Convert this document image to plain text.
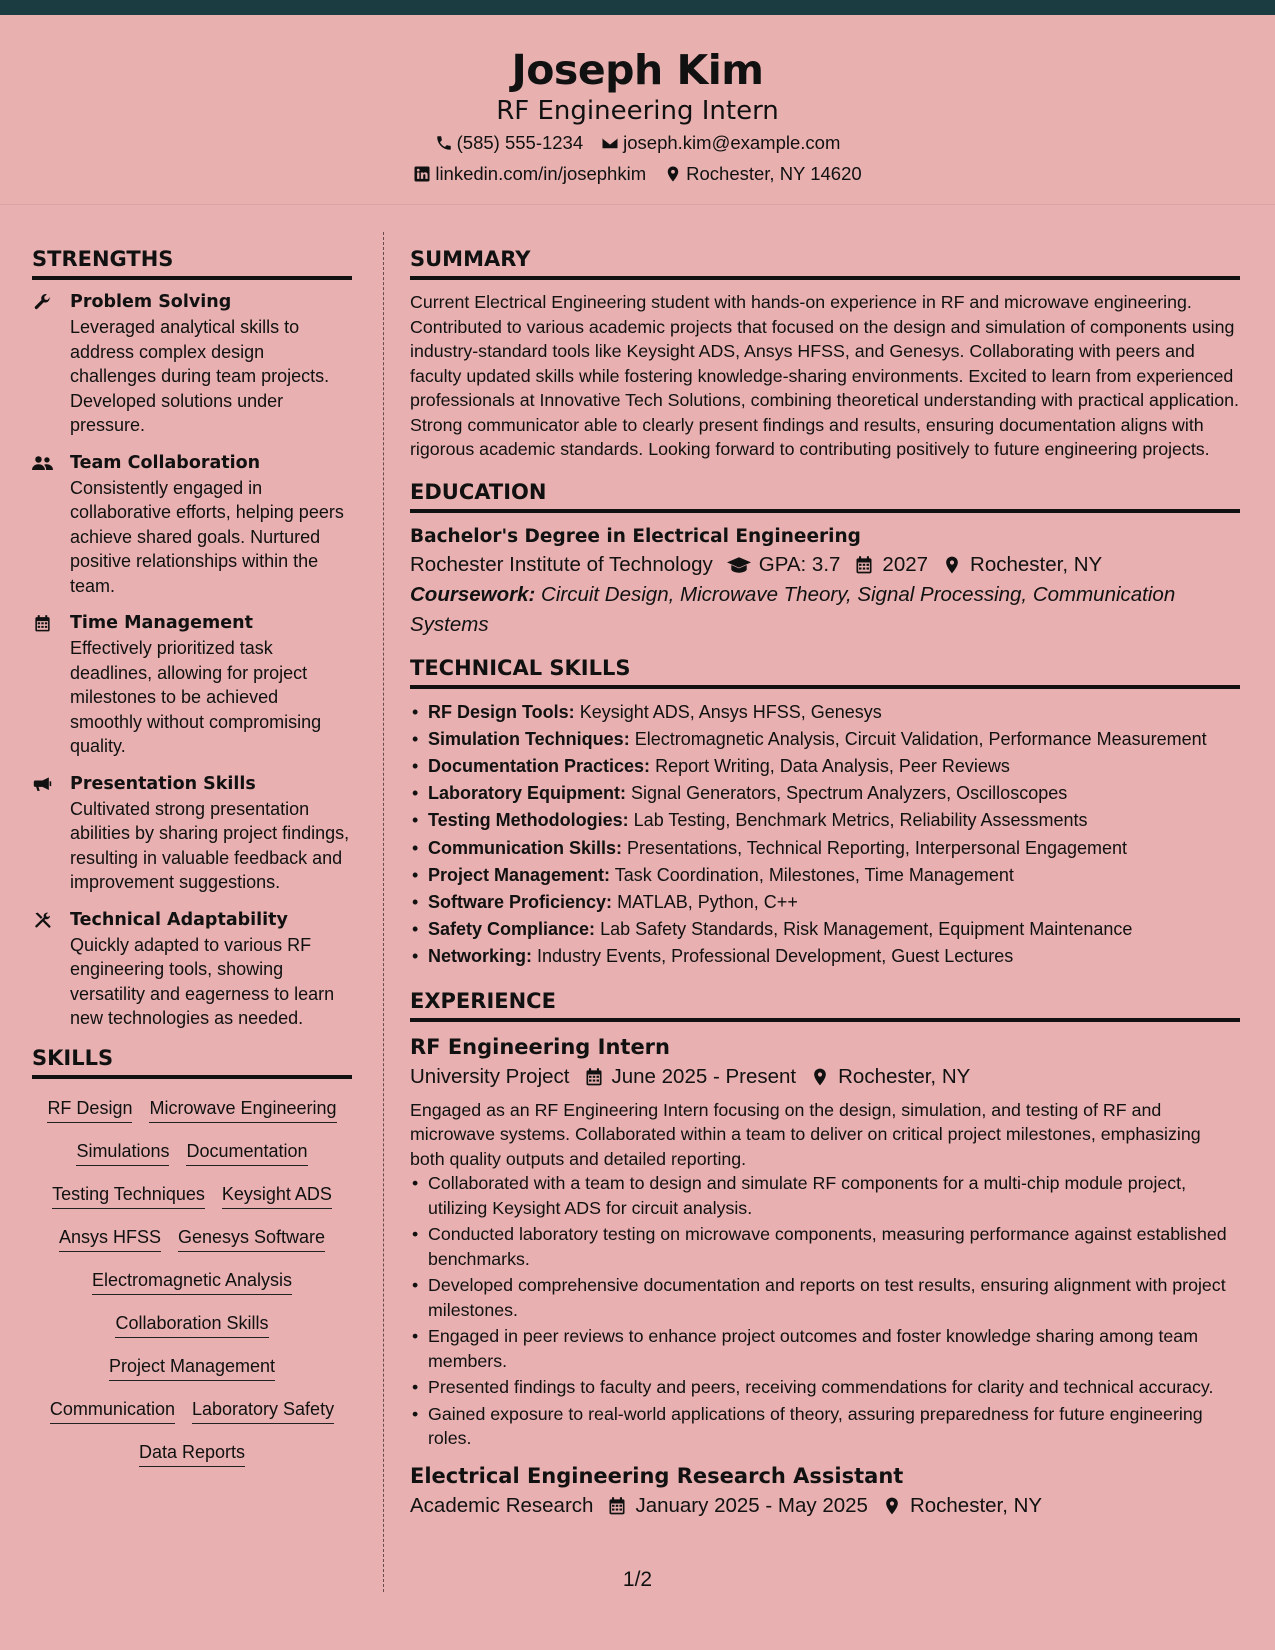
Joseph Kim
RF Engineering Intern
(585) 555-1234 joseph.kim@example.com
linkedin.com/in/josephkim Rochester, NY 14620
STRENGTHS
Problem Solving
Leveraged analytical skills to address complex design challenges during team projects. Developed solutions under pressure.
Team Collaboration
Consistently engaged in collaborative efforts, helping peers achieve shared goals. Nurtured positive relationships within the team.
Time Management
Effectively prioritized task deadlines, allowing for project milestones to be achieved smoothly without compromising quality.
Presentation Skills
Cultivated strong presentation abilities by sharing project findings, resulting in valuable feedback and improvement suggestions.
Technical Adaptability
Quickly adapted to various RF engineering tools, showing versatility and eagerness to learn new technologies as needed.
SKILLS
RF Design Microwave Engineering
Simulations Documentation
Testing Techniques Keysight ADS
Ansys HFSS Genesys Software
Electromagnetic Analysis
Collaboration Skills
Project Management
Communication Laboratory Safety
Data Reports
SUMMARY
Current Electrical Engineering student with hands-on experience in RF and microwave engineering. Contributed to various academic projects that focused on the design and simulation of components using industry-standard tools like Keysight ADS, Ansys HFSS, and Genesys. Collaborating with peers and faculty updated skills while fostering knowledge-sharing environments. Excited to learn from experienced professionals at Innovative Tech Solutions, combining theoretical understanding with practical application. Strong communicator able to clearly present findings and results, ensuring documentation aligns with rigorous academic standards. Looking forward to contributing positively to future engineering projects.
EDUCATION
Bachelor's Degree in Electrical Engineering
Rochester Institute of Technology GPA: 3.7 2027 Rochester, NY
Coursework: Circuit Design, Microwave Theory, Signal Processing, Communication Systems
TECHNICAL SKILLS
• RF Design Tools: Keysight ADS, Ansys HFSS, Genesys
• Simulation Techniques: Electromagnetic Analysis, Circuit Validation, Performance Measurement
• Documentation Practices: Report Writing, Data Analysis, Peer Reviews
• Laboratory Equipment: Signal Generators, Spectrum Analyzers, Oscilloscopes
• Testing Methodologies: Lab Testing, Benchmark Metrics, Reliability Assessments
• Communication Skills: Presentations, Technical Reporting, Interpersonal Engagement
• Project Management: Task Coordination, Milestones, Time Management
• Software Proficiency: MATLAB, Python, C++
• Safety Compliance: Lab Safety Standards, Risk Management, Equipment Maintenance
• Networking: Industry Events, Professional Development, Guest Lectures
EXPERIENCE
RF Engineering Intern
University Project June 2025 - Present Rochester, NY
Engaged as an RF Engineering Intern focusing on the design, simulation, and testing of RF and microwave systems. Collaborated within a team to deliver on critical project milestones, emphasizing both quality outputs and detailed reporting.
• Collaborated with a team to design and simulate RF components for a multi-chip module project, utilizing Keysight ADS for circuit analysis.
• Conducted laboratory testing on microwave components, measuring performance against established benchmarks.
• Developed comprehensive documentation and reports on test results, ensuring alignment with project milestones.
• Engaged in peer reviews to enhance project outcomes and foster knowledge sharing among team members.
• Presented findings to faculty and peers, receiving commendations for clarity and technical accuracy.
• Gained exposure to real-world applications of theory, assuring preparedness for future engineering roles.
Electrical Engineering Research Assistant
Academic Research January 2025 - May 2025 Rochester, NY
1/2
